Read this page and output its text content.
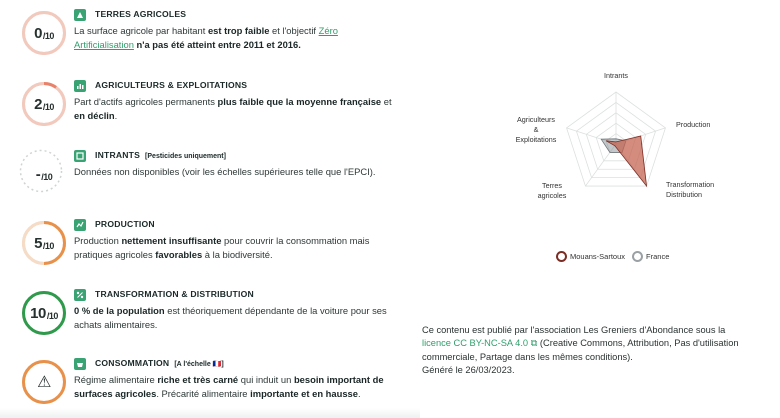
0 /10
TERRES AGRICOLES
La surface agricole par habitant est trop faible et l'objectif Zéro Artificialisation n'a pas été atteint entre 2011 et 2016.
2 /10
AGRICULTEURS & EXPLOITATIONS
Part d'actifs agricoles permanents plus faible que la moyenne française et en déclin.
- /10
INTRANTS [Pesticides uniquement]
Données non disponibles (voir les échelles supérieures telle que l'EPCI).
5 /10
PRODUCTION
Production nettement insuffisante pour couvrir la consommation mais pratiques agricoles favorables à la biodiversité.
10 /10
TRANSFORMATION & DISTRIBUTION
0 % de la population est théoriquement dépendante de la voiture pour ses achats alimentaires.
⚠
CONSOMMATION [A l'échelle 🇫🇷]
Régime alimentaire riche et très carné qui induit un besoin important de surfaces agricoles. Précarité alimentaire importante et en hausse.
Intrants
Production
Transformation Distribution
Terres agricoles
Agriculteurs & Exploitations
Mouans-Sartoux	France
Ce contenu est publié par l'association Les Greniers d'Abondance sous la
licence CC BY-NC-SA 4.0 ⧉ (Creative Commons, Attribution, Pas d'utilisation commerciale, Partage dans les mêmes conditions).
Généré le 26/03/2023.
